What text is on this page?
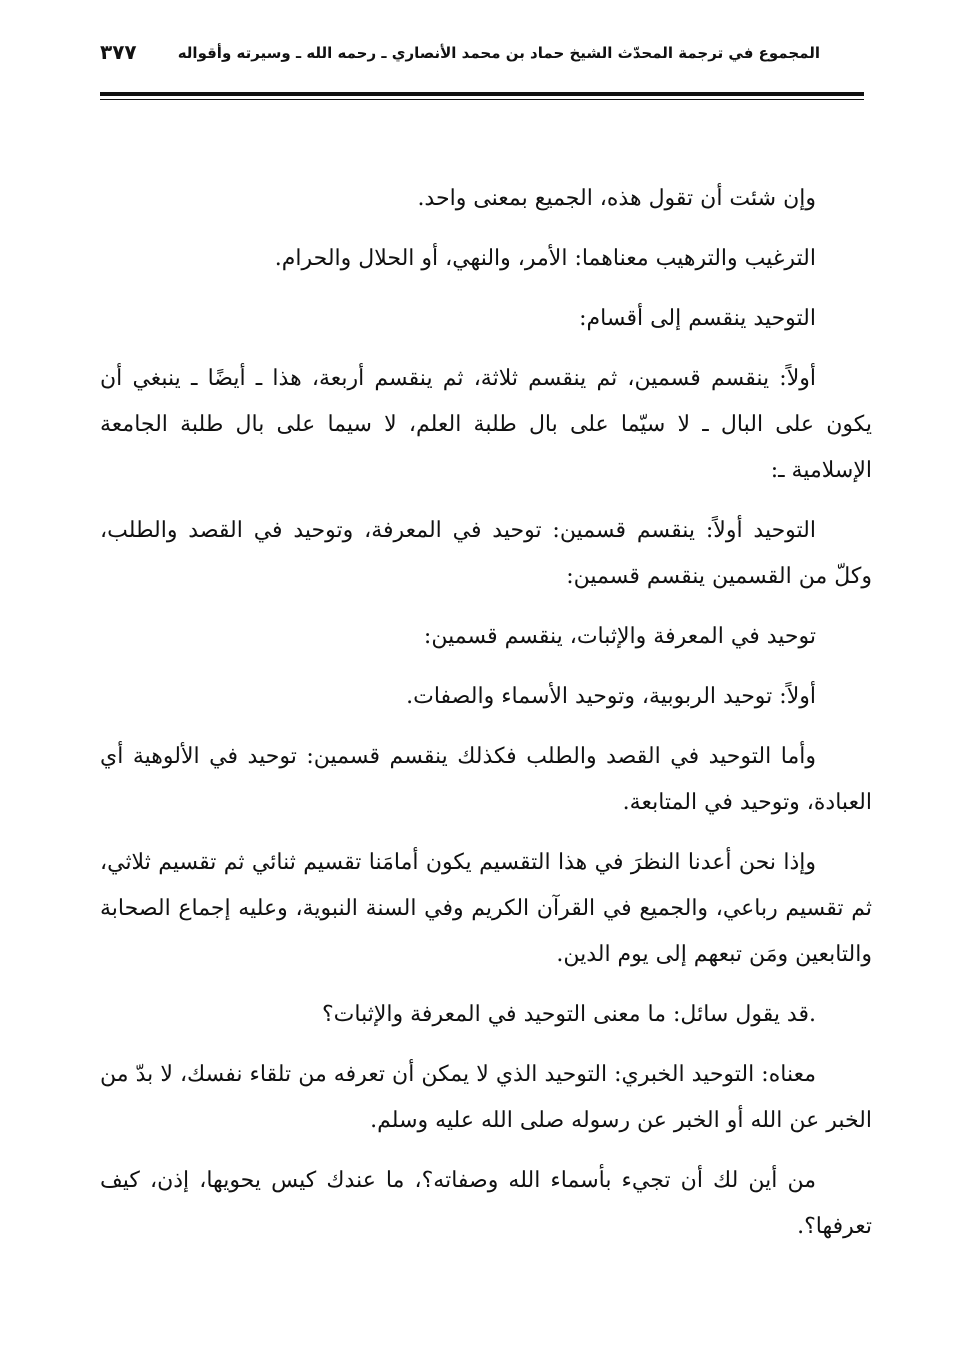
المجموع في ترجمة المحدّث الشيخ حماد بن محمد الأنصاري ـ رحمه الله ـ وسيرته وأقواله
٣٧٧

وإن شئت أن تقول هذه، الجميع بمعنى واحد.

الترغيب والترهيب معناهما: الأمر، والنهي، أو الحلال والحرام.

التوحيد ينقسم إلى أقسام:

أولاً: ينقسم قسمين، ثم ينقسم ثلاثة، ثم ينقسم أربعة، هذا ـ أيضًا ـ ينبغي أن يكون على البال ـ لا سيّما على بال طلبة العلم، لا سيما على بال طلبة الجامعة الإسلامية ـ:

التوحيد أولاً: ينقسم قسمين: توحيد في المعرفة، وتوحيد في القصد والطلب، وكلّ من القسمين ينقسم قسمين:

توحيد في المعرفة والإثبات، ينقسم قسمين:

أولاً: توحيد الربوبية، وتوحيد الأسماء والصفات.

وأما التوحيد في القصد والطلب فكذلك ينقسم قسمين: توحيد في الألوهية أي العبادة، وتوحيد في المتابعة.

وإذا نحن أعدنا النظرَ في هذا التقسيم يكون أمامَنا تقسيم ثنائي ثم تقسيم ثلاثي، ثم تقسيم رباعي، والجميع في القرآن الكريم وفي السنة النبوية، وعليه إجماع الصحابة والتابعين ومَن تبعهم إلى يوم الدين.

.قد يقول سائل: ما معنى التوحيد في المعرفة والإثبات؟

معناه: التوحيد الخبري: التوحيد الذي لا يمكن أن تعرفه من تلقاء نفسك، لا بدّ من الخبر عن الله أو الخبر عن رسوله صلى الله عليه وسلم.

من أين لك أن تجيء بأسماء الله وصفاته؟، ما عندك كيس يحويها، إذن، كيف تعرفها؟.
